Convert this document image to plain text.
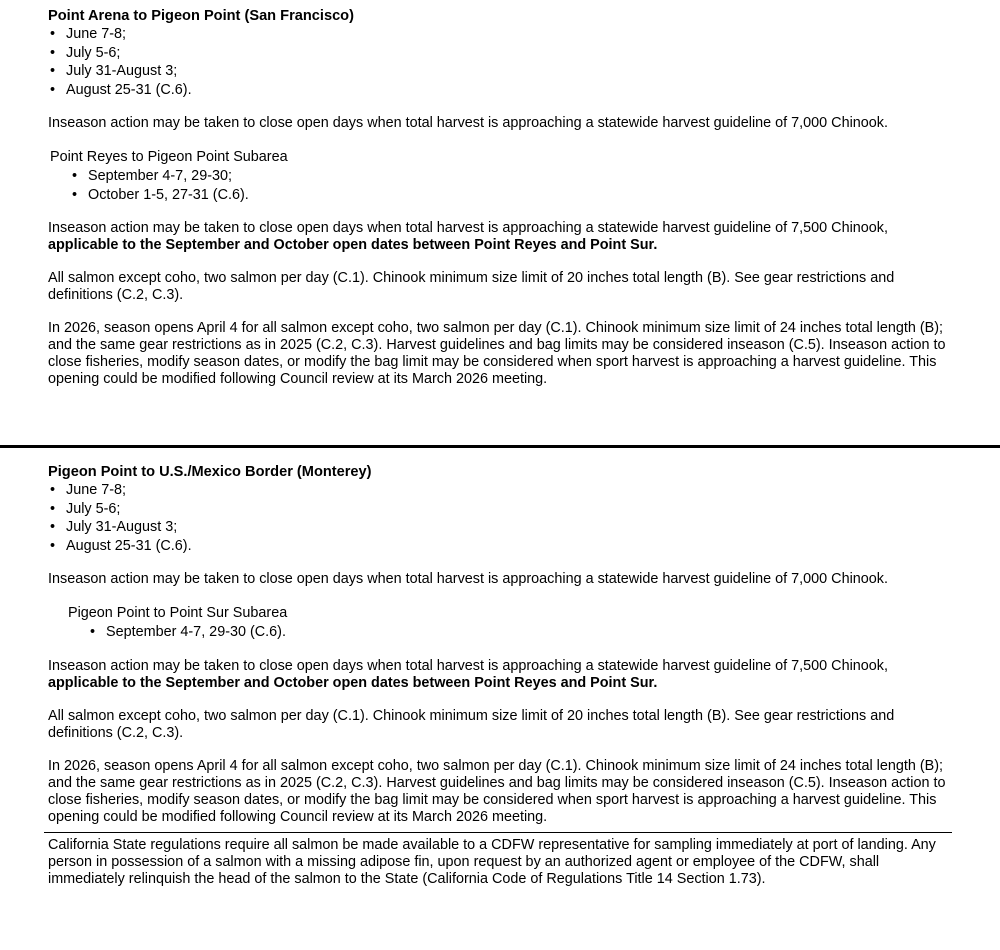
Point Arena to Pigeon Point (San Francisco)
• June 7-8;
• July 5-6;
• July 31-August 3;
• August 25-31 (C.6).

Inseason action may be taken to close open days when total harvest is approaching a statewide harvest guideline of 7,000 Chinook.

Point Reyes to Pigeon Point Subarea
• September 4-7, 29-30;
• October 1-5, 27-31 (C.6).

Inseason action may be taken to close open days when total harvest is approaching a statewide harvest guideline of 7,500 Chinook, applicable to the September and October open dates between Point Reyes and Point Sur.

All salmon except coho, two salmon per day (C.1). Chinook minimum size limit of 20 inches total length (B). See gear restrictions and definitions (C.2, C.3).

In 2026, season opens April 4 for all salmon except coho, two salmon per day (C.1). Chinook minimum size limit of 24 inches total length (B); and the same gear restrictions as in 2025 (C.2, C.3). Harvest guidelines and bag limits may be considered inseason (C.5). Inseason action to close fisheries, modify season dates, or modify the bag limit may be considered when sport harvest is approaching a harvest guideline. This opening could be modified following Council review at its March 2026 meeting.

Pigeon Point to U.S./Mexico Border (Monterey)
• June 7-8;
• July 5-6;
• July 31-August 3;
• August 25-31 (C.6).

Inseason action may be taken to close open days when total harvest is approaching a statewide harvest guideline of 7,000 Chinook.

Pigeon Point to Point Sur Subarea
• September 4-7, 29-30 (C.6).

Inseason action may be taken to close open days when total harvest is approaching a statewide harvest guideline of 7,500 Chinook, applicable to the September and October open dates between Point Reyes and Point Sur.

All salmon except coho, two salmon per day (C.1). Chinook minimum size limit of 20 inches total length (B). See gear restrictions and definitions (C.2, C.3).

In 2026, season opens April 4 for all salmon except coho, two salmon per day (C.1). Chinook minimum size limit of 24 inches total length (B); and the same gear restrictions as in 2025 (C.2, C.3). Harvest guidelines and bag limits may be considered inseason (C.5). Inseason action to close fisheries, modify season dates, or modify the bag limit may be considered when sport harvest is approaching a harvest guideline. This opening could be modified following Council review at its March 2026 meeting.

California State regulations require all salmon be made available to a CDFW representative for sampling immediately at port of landing. Any person in possession of a salmon with a missing adipose fin, upon request by an authorized agent or employee of the CDFW, shall immediately relinquish the head of the salmon to the State (California Code of Regulations Title 14 Section 1.73).
